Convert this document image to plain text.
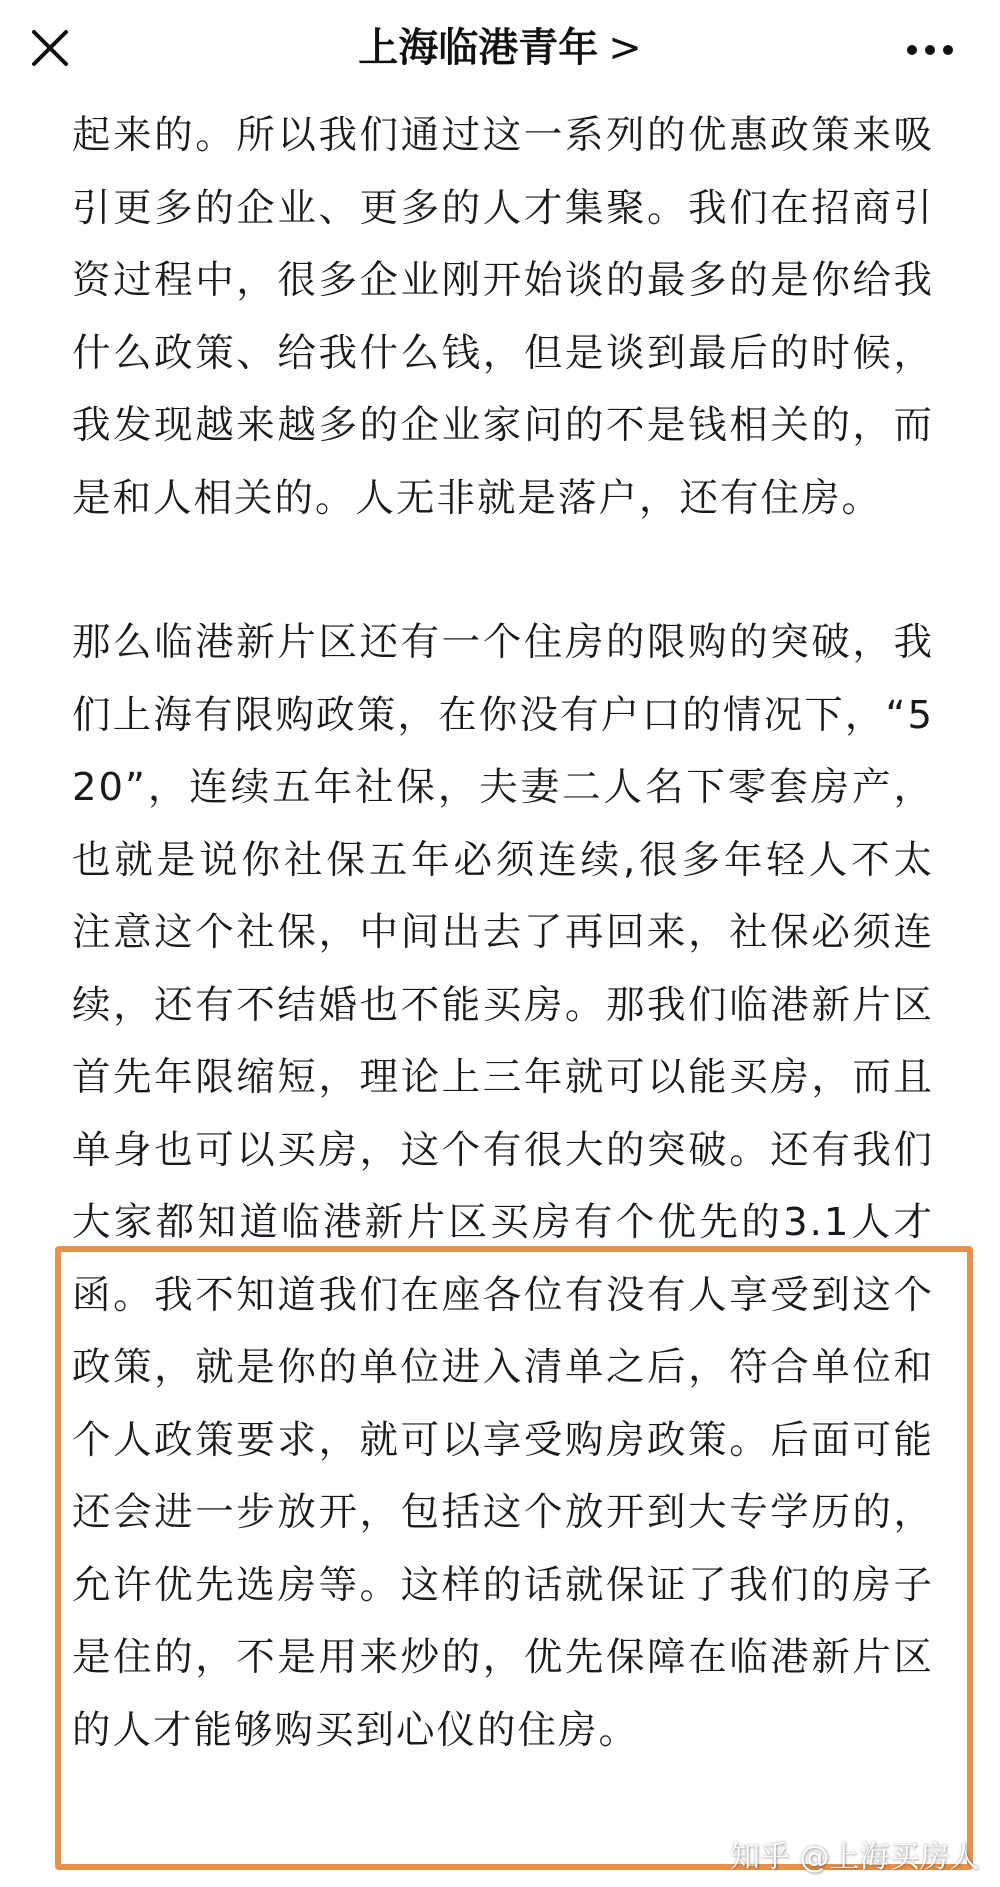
上海临港青年 >

起来的。所以我们通过这一系列的优惠政策来吸引更多的企业、更多的人才集聚。我们在招商引资过程中，很多企业刚开始谈的最多的是你给我什么政策、给我什么钱，但是谈到最后的时候，我发现越来越多的企业家问的不是钱相关的，而是和人相关的。人无非就是落户，还有住房。

那么临港新片区还有一个住房的限购的突破，我们上海有限购政策，在你没有户口的情况下，“520”，连续五年社保，夫妻二人名下零套房产，也就是说你社保五年必须连续,很多年轻人不太注意这个社保，中间出去了再回来，社保必须连续，还有不结婚也不能买房。那我们临港新片区首先年限缩短，理论上三年就可以能买房，而且单身也可以买房，这个有很大的突破。还有我们大家都知道临港新片区买房有个优先的3.1人才函。我不知道我们在座各位有没有人享受到这个政策，就是你的单位进入清单之后，符合单位和个人政策要求，就可以享受购房政策。后面可能还会进一步放开，包括这个放开到大专学历的，允许优先选房等。这样的话就保证了我们的房子是住的，不是用来炒的，优先保障在临港新片区的人才能够购买到心仪的住房。

知乎 @上海买房人
